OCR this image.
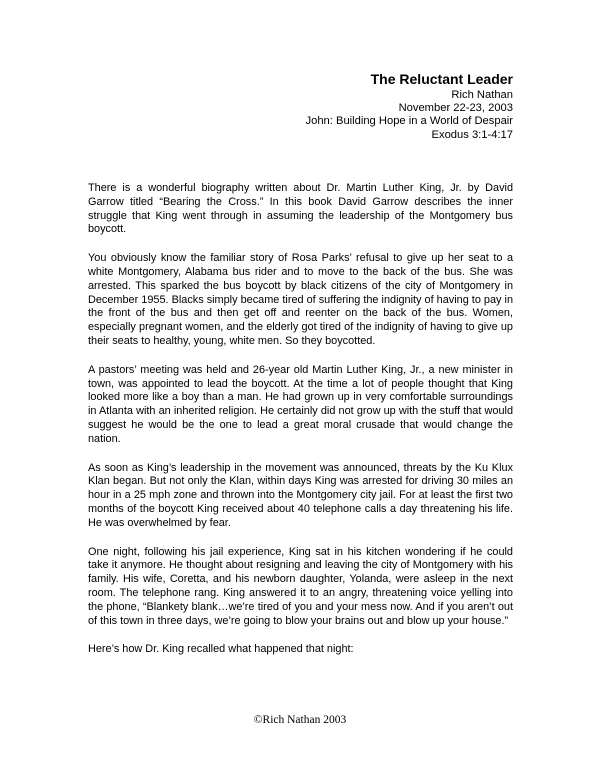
The Reluctant Leader
Rich Nathan
November 22-23, 2003
John: Building Hope in a World of Despair
Exodus 3:1-4:17

There is a wonderful biography written about Dr. Martin Luther King, Jr. by David Garrow titled “Bearing the Cross.” In this book David Garrow describes the inner struggle that King went through in assuming the leadership of the Montgomery bus boycott.

You obviously know the familiar story of Rosa Parks’ refusal to give up her seat to a white Montgomery, Alabama bus rider and to move to the back of the bus. She was arrested. This sparked the bus boycott by black citizens of the city of Montgomery in December 1955. Blacks simply became tired of suffering the indignity of having to pay in the front of the bus and then get off and reenter on the back of the bus. Women, especially pregnant women, and the elderly got tired of the indignity of having to give up their seats to healthy, young, white men. So they boycotted.

A pastors’ meeting was held and 26-year old Martin Luther King, Jr., a new minister in town, was appointed to lead the boycott. At the time a lot of people thought that King looked more like a boy than a man. He had grown up in very comfortable surroundings in Atlanta with an inherited religion. He certainly did not grow up with the stuff that would suggest he would be the one to lead a great moral crusade that would change the nation.

As soon as King’s leadership in the movement was announced, threats by the Ku Klux Klan began. But not only the Klan, within days King was arrested for driving 30 miles an hour in a 25 mph zone and thrown into the Montgomery city jail. For at least the first two months of the boycott King received about 40 telephone calls a day threatening his life. He was overwhelmed by fear.

One night, following his jail experience, King sat in his kitchen wondering if he could take it anymore. He thought about resigning and leaving the city of Montgomery with his family. His wife, Coretta, and his newborn daughter, Yolanda, were asleep in the next room. The telephone rang. King answered it to an angry, threatening voice yelling into the phone, “Blankety blank…we’re tired of you and your mess now. And if you aren’t out of this town in three days, we’re going to blow your brains out and blow up your house.”

Here’s how Dr. King recalled what happened that night:

©Rich Nathan 2003
